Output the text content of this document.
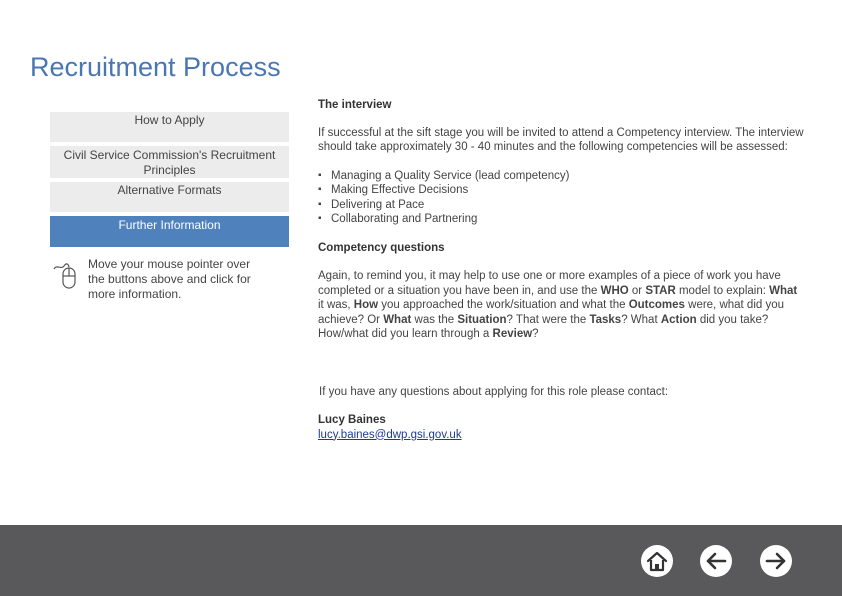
Recruitment Process
How to Apply
Civil Service Commission's Recruitment Principles
Alternative Formats
Further Information
Move your mouse pointer over the buttons above and click for more information.

The interview

If successful at the sift stage you will be invited to attend a Competency interview. The interview should take approximately 30 - 40 minutes and the following competencies will be assessed:

▪ Managing a Quality Service (lead competency)
▪ Making Effective Decisions
▪ Delivering at Pace
▪ Collaborating and Partnering

Competency questions

Again, to remind you, it may help to use one or more examples of a piece of work you have completed or a situation you have been in, and use the WHO or STAR model to explain: What it was, How you approached the work/situation and what the Outcomes were, what did you achieve? Or What was the Situation? That were the Tasks? What Action did you take? How/what did you learn through a Review?

If you have any questions about applying for this role please contact:

Lucy Baines

lucy.baines@dwp.gsi.gov.uk
